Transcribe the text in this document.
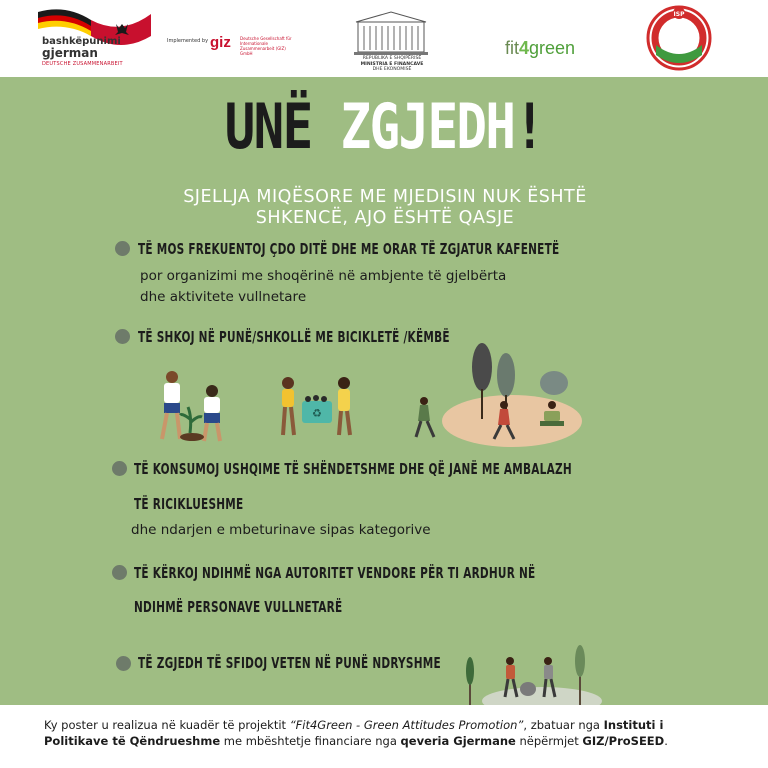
bashkëpunimi
gjerman
DEUTSCHE ZUSAMMENARBEIT
Implemented by giz Deutsche Gesellschaft für Internationale Zusammenarbeit (GIZ) GmbH
REPUBLIKA E SHQIPËRISË
MINISTRIA E FINANCAVE
DHE EKONOMISË
fit4green
ISP
UNË ZGJEDH!
SJELLJA MIQËSORE ME MJEDISIN NUK ËSHTË
SHKENCË, AJO ËSHTË QASJE
TË MOS FREKUENTOJ ÇDO DITË DHE ME ORAR TË ZGJATUR KAFENETË
por organizimi me shoqërinë në ambjente të gjelbërta
dhe aktivitete vullnetare
TË SHKOJ NË PUNË/SHKOLLË ME BICIKLETË /KËMBË
♻
TË KONSUMOJ USHQIME TË SHËNDETSHME DHE QË JANË ME AMBALAZH
TË RICIKLUESHME
dhe ndarjen e mbeturinave sipas kategorive
TË KËRKOJ NDIHMË NGA AUTORITET VENDORE PËR TI ARDHUR NË
NDIHMË PERSONAVE VULLNETARË
TË ZGJEDH TË SFIDOJ VETEN NË PUNË NDRYSHME
Ky poster u realizua në kuadër të projektit “Fit4Green - Green Attitudes Promotion”, zbatuar nga Instituti i Politikave të Qëndrueshme me mbështetje financiare nga qeveria Gjermane nëpërmjet GIZ/ProSEED.
